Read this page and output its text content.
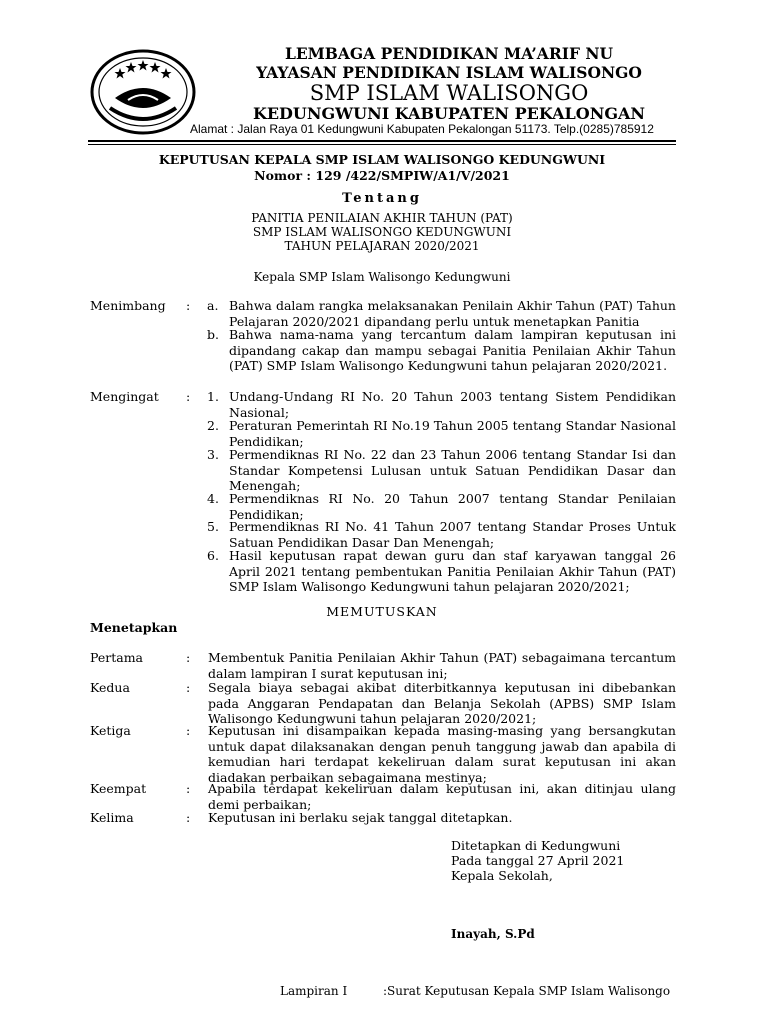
LEMBAGA PENDIDIKAN MA’ARIF NU
YAYASAN PENDIDIKAN ISLAM WALISONGO
SMP ISLAM WALISONGO
KEDUNGWUNI KABUPATEN PEKALONGAN
Alamat : Jalan Raya 01 Kedungwuni Kabupaten Pekalongan 51173. Telp.(0285)785912
KEPUTUSAN KEPALA SMP ISLAM WALISONGO KEDUNGWUNI
Nomor : 129 /422/SMPIW/A1/V/2021
Tentang
PANITIA PENILAIAN AKHIR TAHUN (PAT)
SMP ISLAM WALISONGO KEDUNGWUNI
TAHUN PELAJARAN 2020/2021
Kepala SMP Islam Walisongo Kedungwuni
Menimbang : a. Bahwa dalam rangka melaksanakan Penilain Akhir Tahun (PAT) Tahun Pelajaran 2020/2021 dipandang perlu untuk menetapkan Panitia
b. Bahwa nama-nama yang tercantum dalam lampiran keputusan ini dipandang cakap dan mampu sebagai Panitia Penilaian Akhir Tahun (PAT) SMP Islam Walisongo Kedungwuni tahun pelajaran 2020/2021.
Mengingat : 1. Undang-Undang RI No. 20 Tahun 2003 tentang Sistem Pendidikan Nasional;
2. Peraturan Pemerintah RI No.19 Tahun 2005 tentang Standar Nasional Pendidikan;
3. Permendiknas RI No. 22 dan 23 Tahun 2006 tentang Standar Isi dan Standar Kompetensi Lulusan untuk Satuan Pendidikan Dasar dan Menengah;
4. Permendiknas RI No. 20 Tahun 2007 tentang Standar Penilaian Pendidikan;
5. Permendiknas RI No. 41 Tahun 2007 tentang Standar Proses Untuk Satuan Pendidikan Dasar Dan Menengah;
6. Hasil keputusan rapat dewan guru dan staf karyawan tanggal 26 April 2021 tentang pembentukan Panitia Penilaian Akhir Tahun (PAT) SMP Islam Walisongo Kedungwuni tahun pelajaran 2020/2021;
MEMUTUSKAN
Menetapkan
Pertama	: Membentuk Panitia Penilaian Akhir Tahun (PAT) sebagaimana tercantum dalam lampiran I surat keputusan ini;
Kedua	: Segala biaya sebagai akibat diterbitkannya keputusan ini dibebankan pada Anggaran Pendapatan dan Belanja Sekolah (APBS) SMP Islam Walisongo Kedungwuni tahun pelajaran 2020/2021;
Ketiga	: Keputusan ini disampaikan kepada masing-masing yang bersangkutan untuk dapat dilaksanakan dengan penuh tanggung jawab dan apabila di kemudian hari terdapat kekeliruan dalam surat keputusan ini akan diadakan perbaikan sebagaimana mestinya;
Keempat	: Apabila terdapat kekeliruan dalam keputusan ini, akan ditinjau ulang demi perbaikan;
Kelima	: Keputusan ini berlaku sejak tanggal ditetapkan.
Ditetapkan di Kedungwuni
Pada tanggal 27 April 2021
Kepala Sekolah,
Inayah, S.Pd
Lampiran I	:Surat Keputusan Kepala SMP Islam Walisongo
